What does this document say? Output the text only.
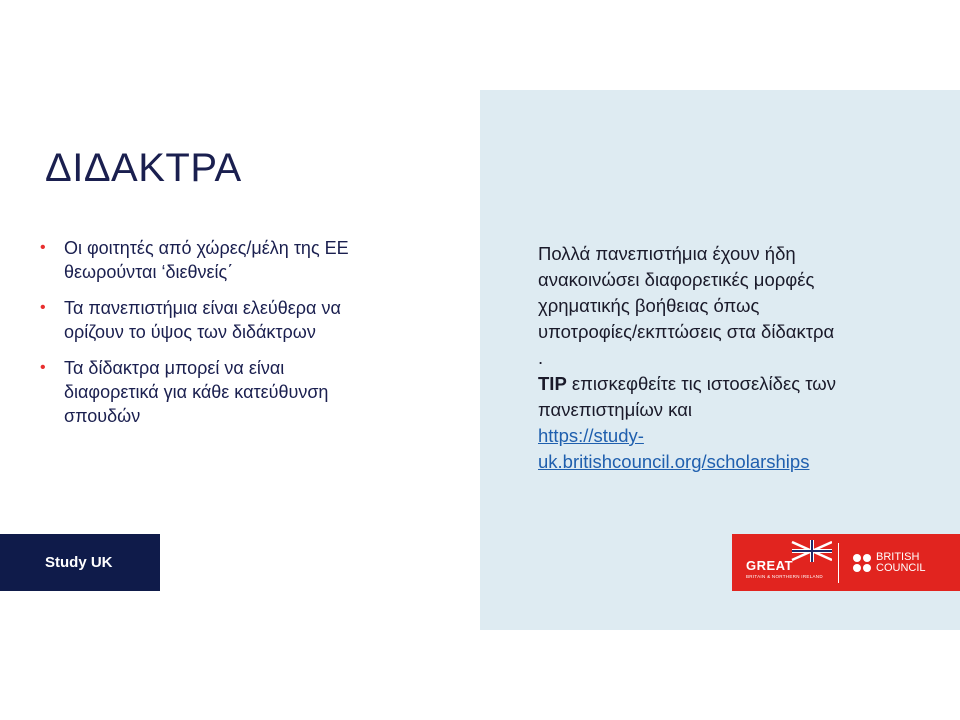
ΔΙΔΑΚΤΡΑ
• Οι φοιτητές από χώρες/μέλη της ΕΕ
θεωρούνται ‘διεθνείς΄
• Τα πανεπιστήμια είναι ελεύθερα να
ορίζουν το ύψος των διδάκτρων
• Τα δίδακτρα μπορεί να είναι
διαφορετικά για κάθε κατεύθυνση
σπουδών

Πολλά πανεπιστήμια έχουν ήδη

ανακοινώσει διαφορετικές μορφές

χρηματικής βοήθειας όπως

υποτροφίες/εκπτώσεις στα δίδακτρα

.

TIP επισκεφθείτε τις ιστοσελίδες των

πανεπιστημίων και

https://study-
uk.britishcouncil.org/scholarships

Study UK	GREAT
BRITAIN & NORTHERN IRELAND
BRITISH
COUNCIL
